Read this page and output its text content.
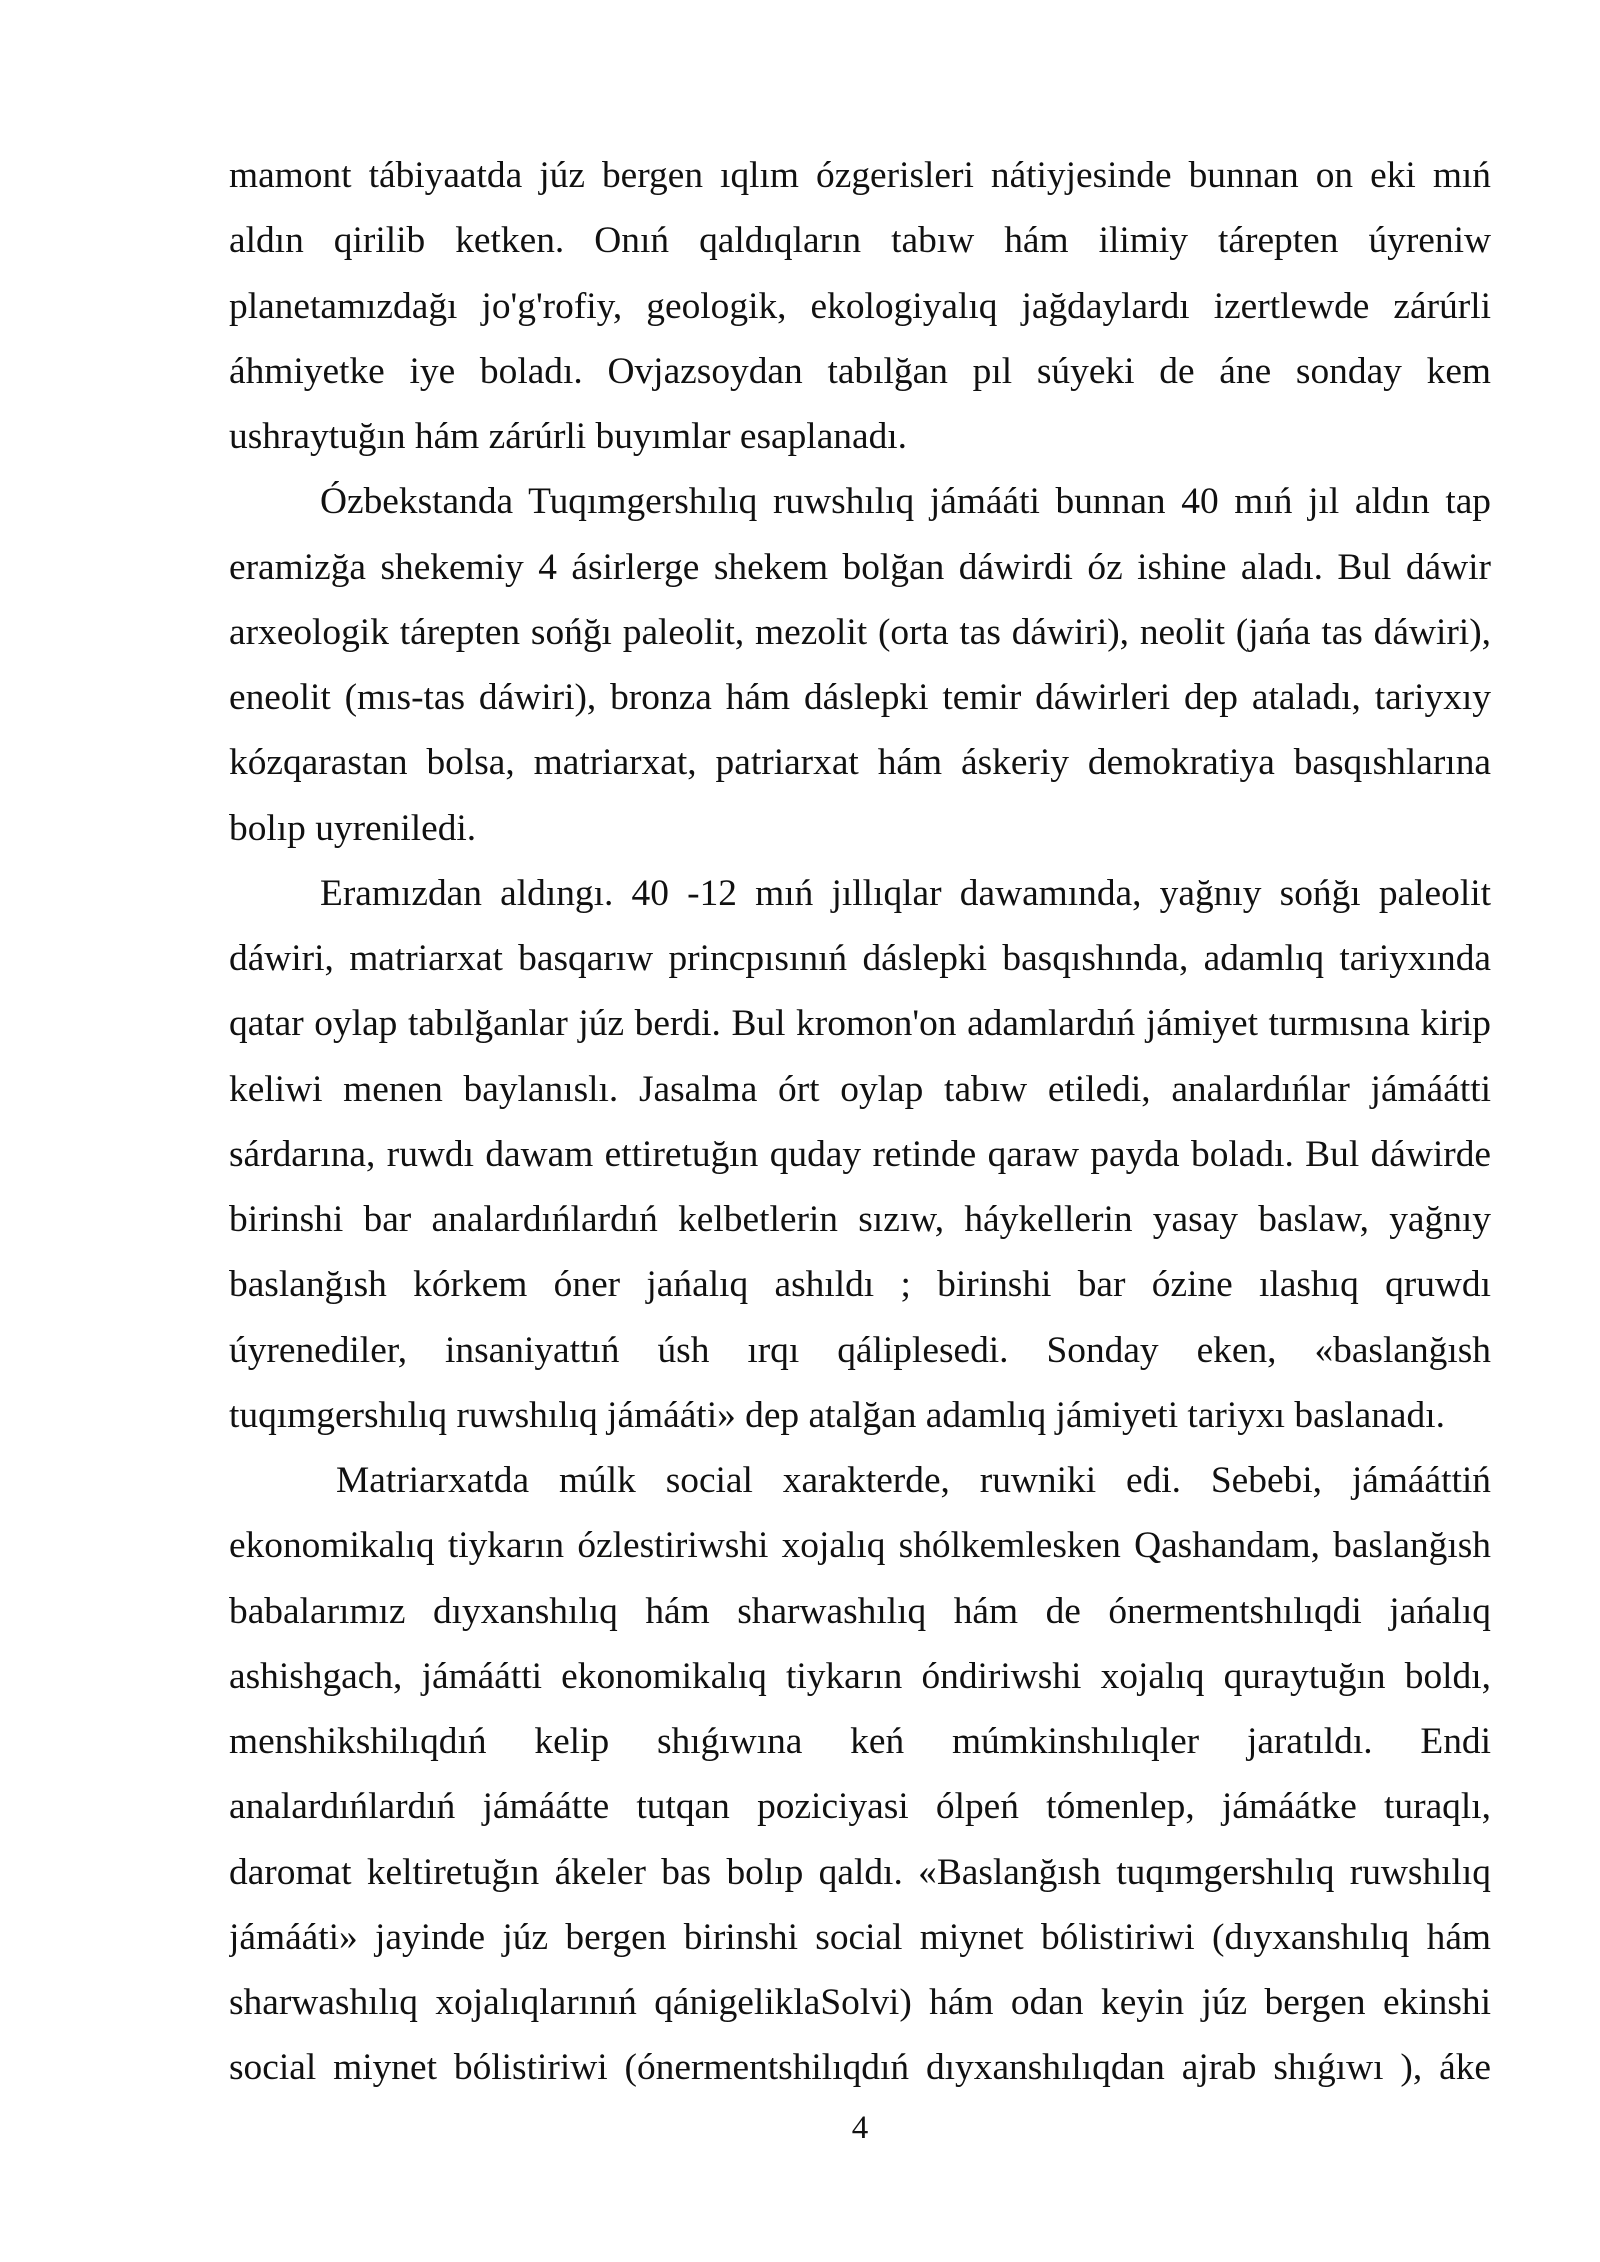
mamont tábiyaatda júz bergen ıqlım ózgerisleri nátiyjesinde bunnan on eki mıń
aldın qirilib ketken. Onıń qaldıqların tabıw hám ilimiy tárepten úyreniw
planetamızdağı jo'g'rofiy, geologik, ekologiyalıq jağdaylardı izertlewde zárúrli
áhmiyetke iye boladı. Ovjazsoydan tabılğan pıl súyeki de áne sonday kem
ushraytuğın hám zárúrli buyımlar esaplanadı.
Ózbekstanda Tuqımgershılıq ruwshılıq jámááti bunnan 40 mıń jıl aldın tap
eramizğa shekemiy 4 ásirlerge shekem bolğan dáwirdi óz ishine aladı. Bul dáwir
arxeologik tárepten sońğı paleolit, mezolit (orta tas dáwiri), neolit (jańa tas dáwiri),
eneolit (mıs-tas dáwiri), bronza hám dáslepki temir dáwirleri dep ataladı, tariyxıy
kózqarastan bolsa, matriarxat, patriarxat hám áskeriy demokratiya basqıshlarına
bolıp uyreniledi.
Eramızdan aldıngı. 40 -12 mıń jıllıqlar dawamında, yağnıy sońğı paleolit
dáwiri, matriarxat basqarıw princpısınıń dáslepki basqıshında, adamlıq tariyxında
qatar oylap tabılğanlar júz berdi. Bul kromon'on adamlardıń jámiyet turmısına kirip
keliwi menen baylanıslı. Jasalma órt oylap tabıw etiledi, analardıńlar jámáátti
sárdarına, ruwdı dawam ettiretuğın quday retinde qaraw payda boladı. Bul dáwirde
birinshi bar analardıńlardıń kelbetlerin sızıw, háykellerin yasay baslaw, yağnıy
baslanğısh kórkem óner jańalıq ashıldı ; birinshi bar ózine ılashıq qruwdı
úyrenediler, insaniyattıń úsh ırqı qáliplesedi. Sonday eken, «baslanğısh
tuqımgershılıq ruwshılıq jámááti» dep atalğan adamlıq jámiyeti tariyxı baslanadı.
Matriarxatda múlk social xarakterde, ruwniki edi. Sebebi, jámááttiń
ekonomikalıq tiykarın ózlestiriwshi xojalıq shólkemlesken Qashandam, baslanğısh
babalarımız dıyxanshılıq hám sharwashılıq hám de ónermentshılıqdi jańalıq
ashishgach, jámáátti ekonomikalıq tiykarın óndiriwshi xojalıq quraytuğın boldı,
menshikshilıqdıń kelip shıǵıwına keń múmkinshılıqler jaratıldı. Endi
analardıńlardıń jámáátte tutqan poziciyasi ólpeń tómenlep, jámáátke turaqlı,
daromat keltiretuğın ákeler bas bolıp qaldı. «Baslanğısh tuqımgershılıq ruwshılıq
jámááti» jayinde júz bergen birinshi social miynet bólistiriwi (dıyxanshılıq hám
sharwashılıq xojalıqlarınıń qánigeliklaSolvi) hám odan keyin júz bergen ekinshi
social miynet bólistiriwi (ónermentshilıqdıń dıyxanshılıqdan ajrab shıǵıwı ), áke
4
